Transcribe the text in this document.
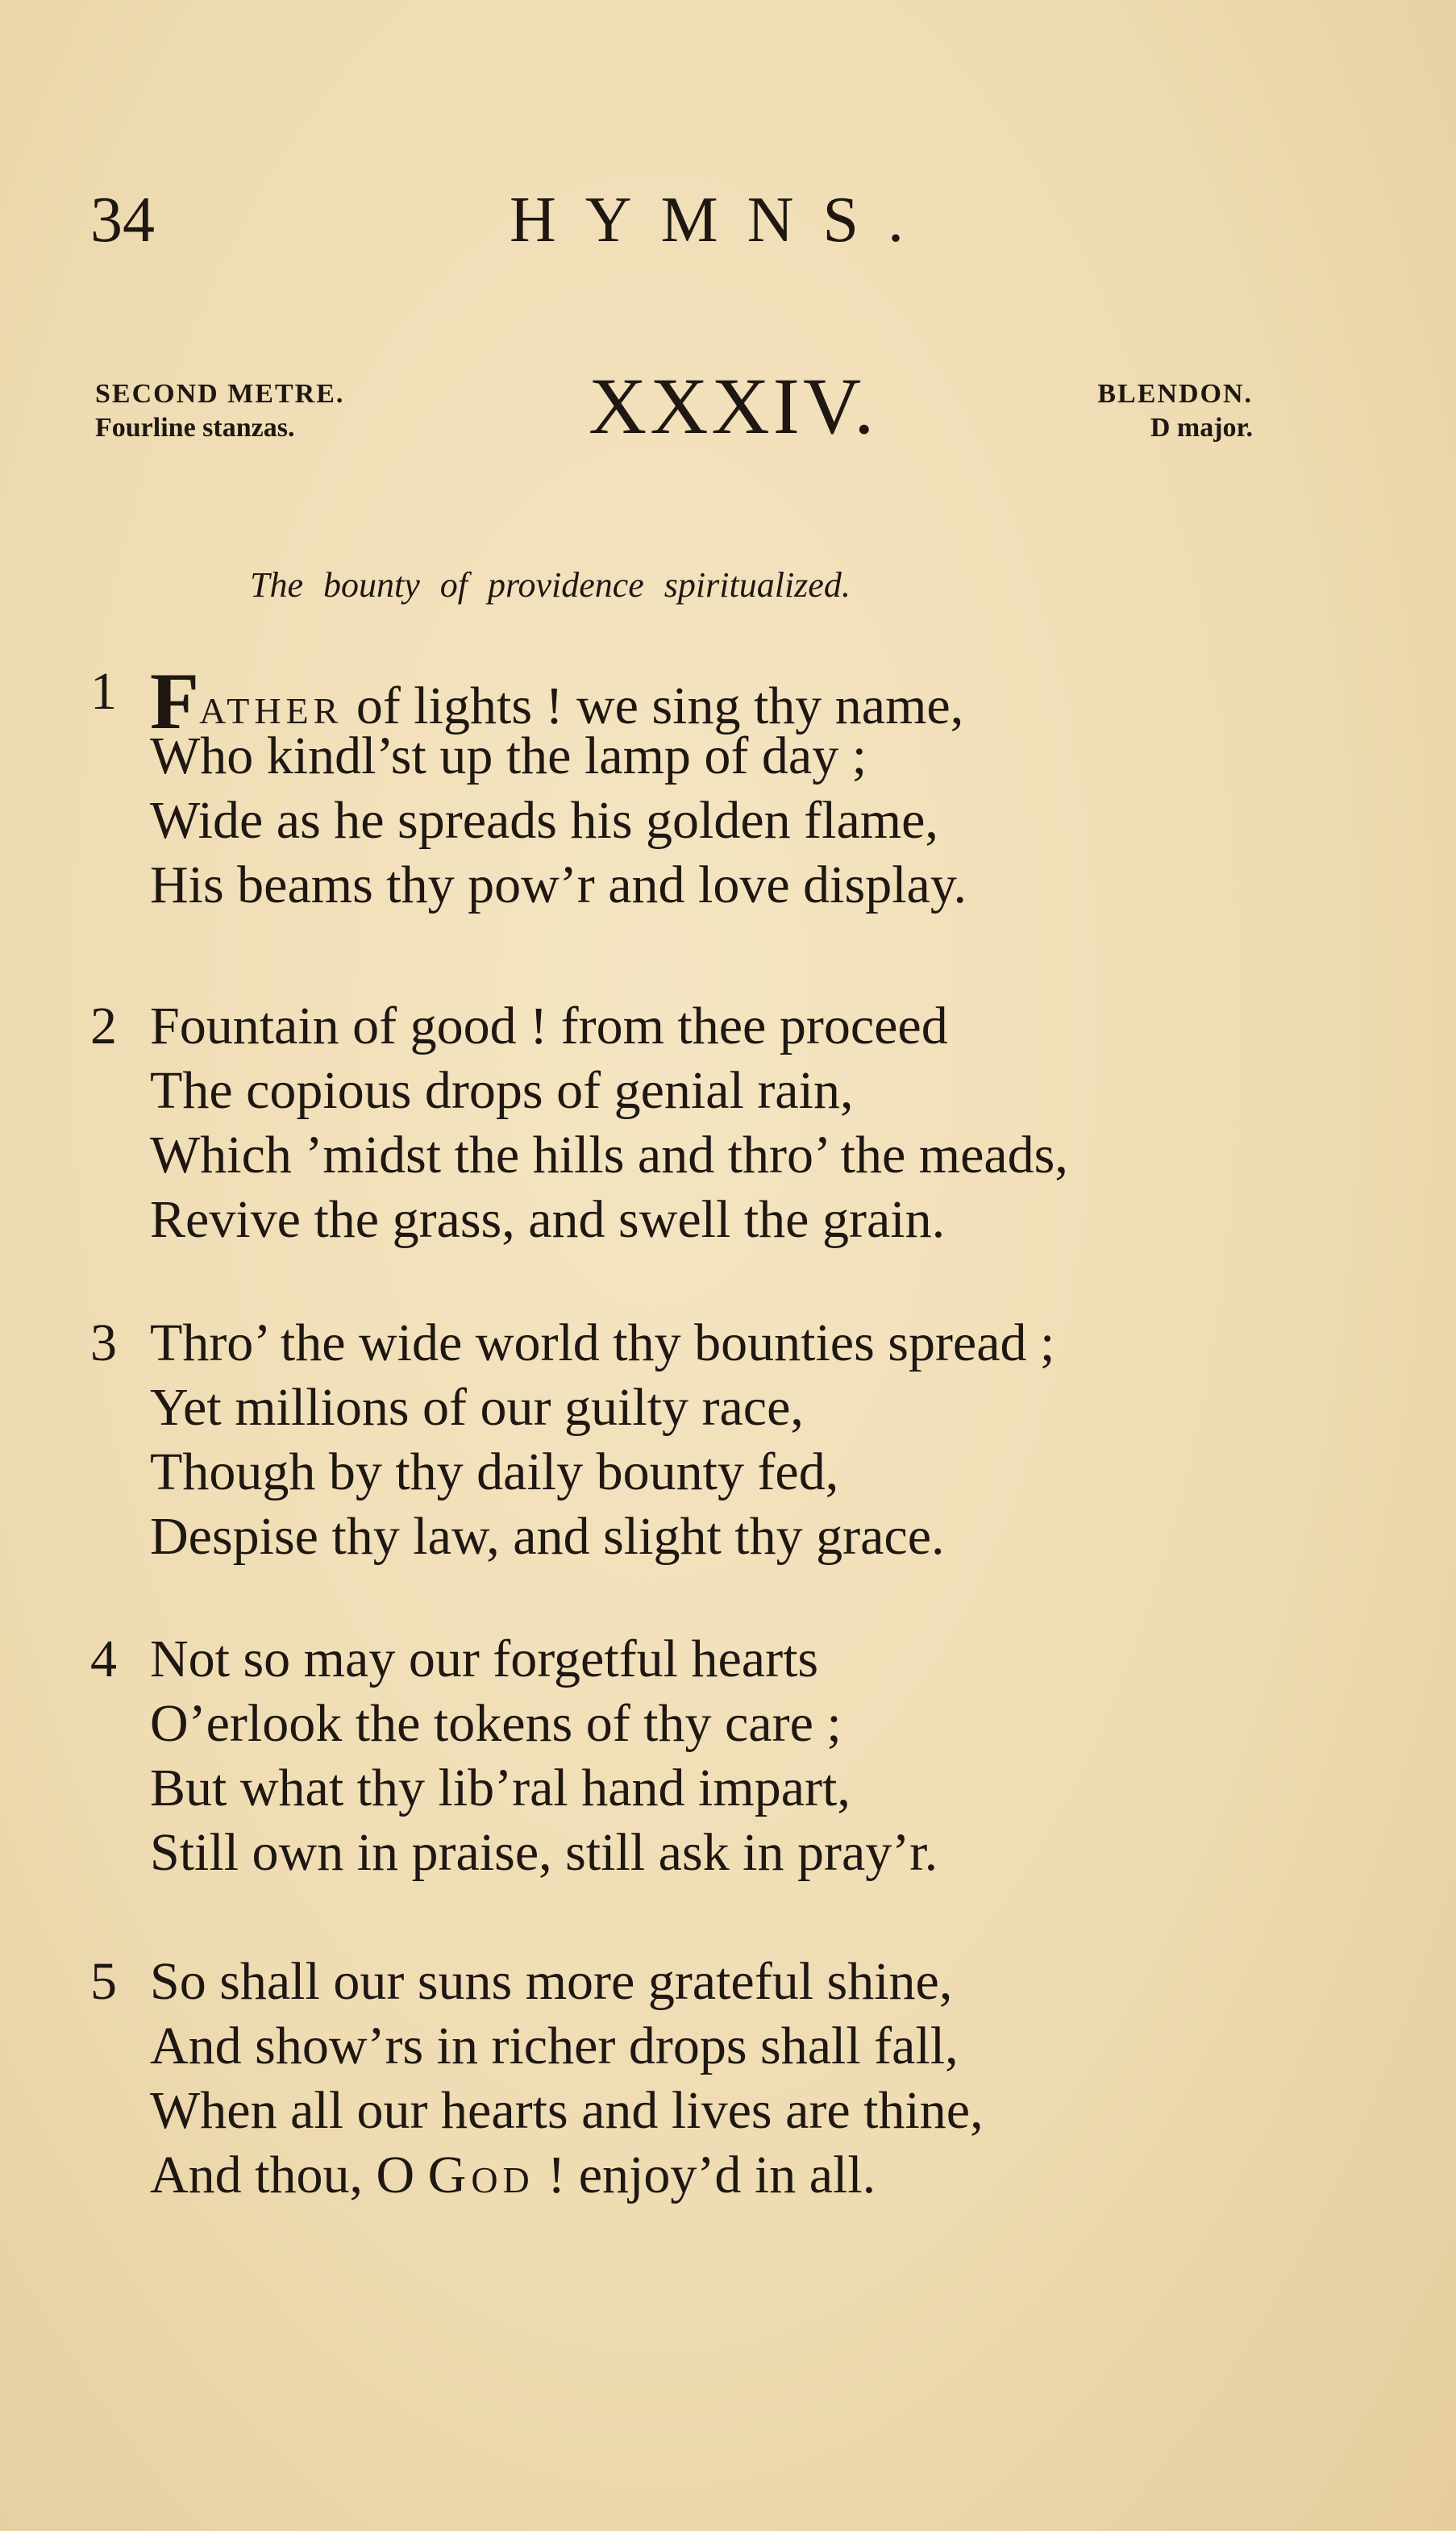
34	HYMNS.
SECOND METRE.
Fourline stanzas.	XXXIV.	BLENDON.
D major.
The bounty of providence spiritualized.
1 Father of lights ! we sing thy name,
Who kindl’st up the lamp of day ;
Wide as he spreads his golden flame,
His beams thy pow’r and love display.
2 Fountain of good ! from thee proceed
The copious drops of genial rain,
Which ’midst the hills and thro’ the meads,
Revive the grass, and swell the grain.
3 Thro’ the wide world thy bounties spread ;
Yet millions of our guilty race,
Though by thy daily bounty fed,
Despise thy law, and slight thy grace.
4 Not so may our forgetful hearts
O’erlook the tokens of thy care ;
But what thy lib’ral hand impart,
Still own in praise, still ask in pray’r.
5 So shall our suns more grateful shine,
And show’rs in richer drops shall fall,
When all our hearts and lives are thine,
And thou, O God ! enjoy’d in all.
